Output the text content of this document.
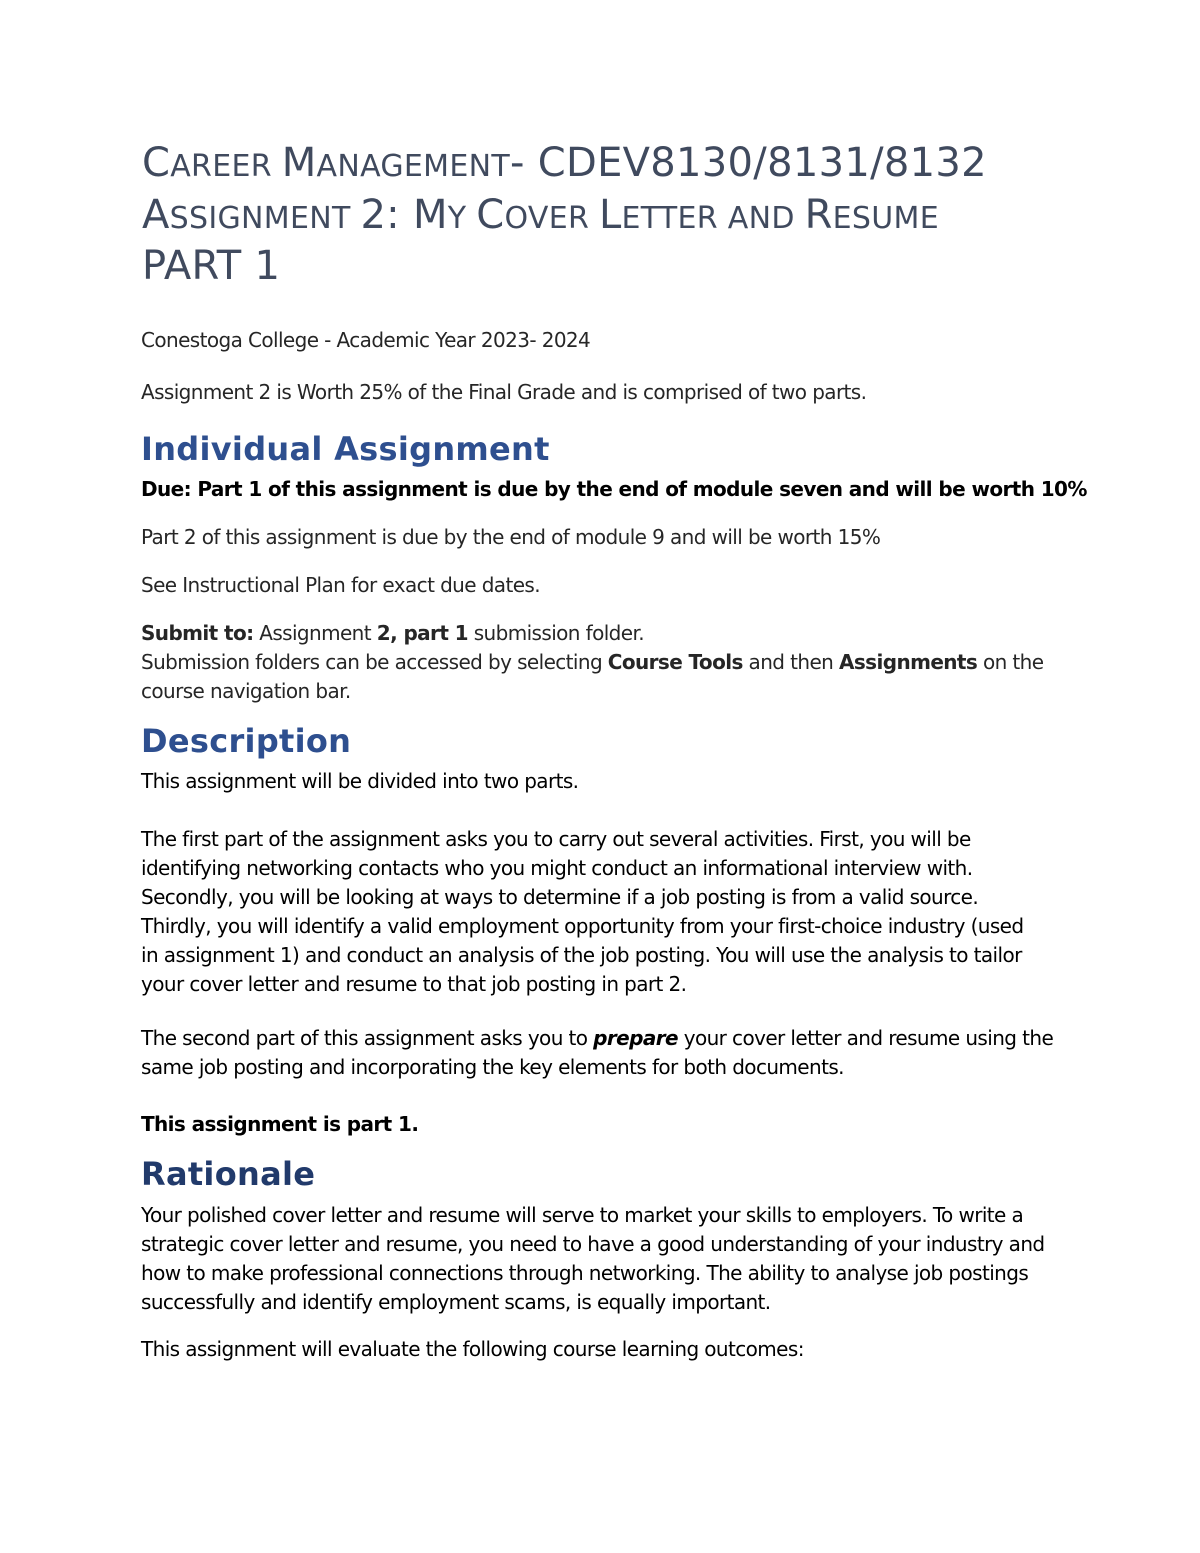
CAREER MANAGEMENT- CDEV8130/8131/8132
ASSIGNMENT 2: MY COVER LETTER AND RESUME
PART 1
Conestoga College - Academic Year 2023- 2024
Assignment 2 is Worth 25% of the Final Grade and is comprised of two parts.
Individual Assignment
Due: Part 1 of this assignment is due by the end of module seven and will be worth 10%
Part 2 of this assignment is due by the end of module 9 and will be worth 15%
See Instructional Plan for exact due dates.
Submit to: Assignment 2, part 1 submission folder.
Submission folders can be accessed by selecting Course Tools and then Assignments on the
course navigation bar.
Description
This assignment will be divided into two parts.
The first part of the assignment asks you to carry out several activities. First, you will be
identifying networking contacts who you might conduct an informational interview with.
Secondly, you will be looking at ways to determine if a job posting is from a valid source.
Thirdly, you will identify a valid employment opportunity from your first-choice industry (used
in assignment 1) and conduct an analysis of the job posting. You will use the analysis to tailor
your cover letter and resume to that job posting in part 2.
The second part of this assignment asks you to prepare your cover letter and resume using the
same job posting and incorporating the key elements for both documents.
This assignment is part 1.
Rationale
Your polished cover letter and resume will serve to market your skills to employers. To write a
strategic cover letter and resume, you need to have a good understanding of your industry and
how to make professional connections through networking. The ability to analyse job postings
successfully and identify employment scams, is equally important.
This assignment will evaluate the following course learning outcomes:
